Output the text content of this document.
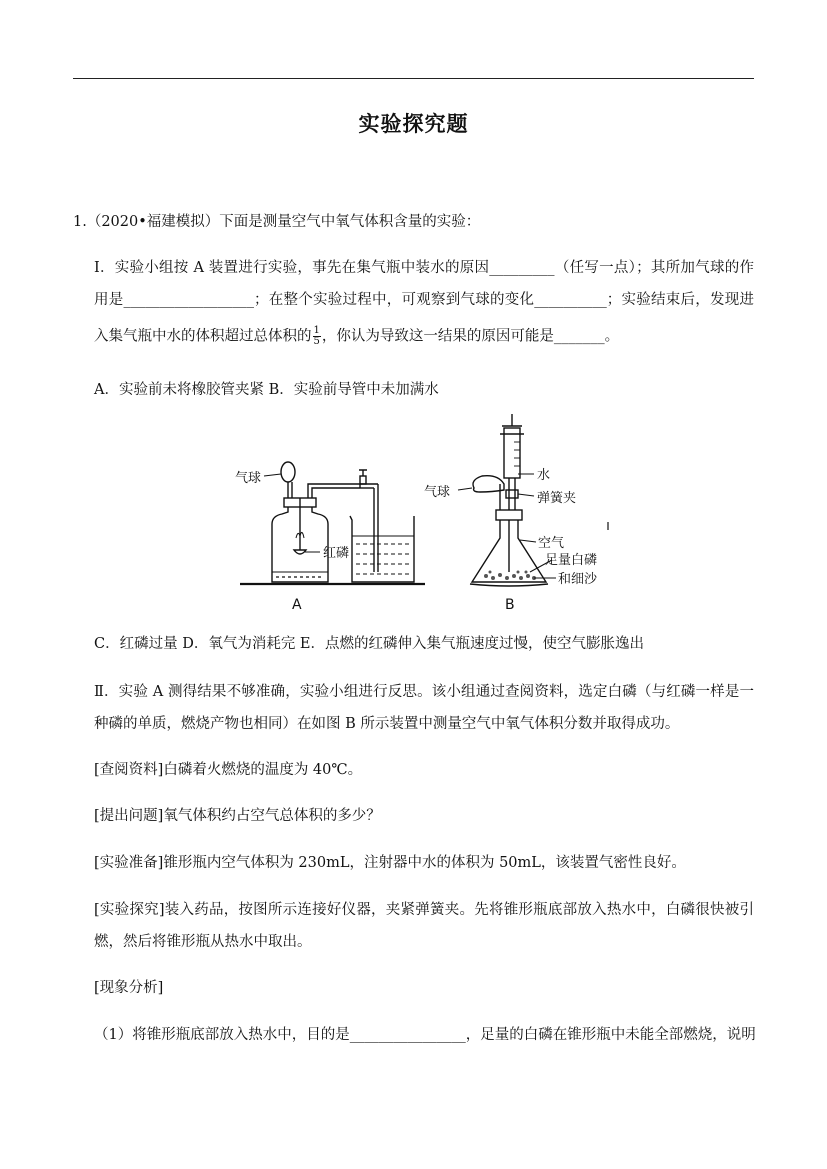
实验探究题
1.（2020•福建模拟）下面是测量空气中氧气体积含量的实验：
Ⅰ．实验小组按 A 装置进行实验，事先在集气瓶中装水的原因_________（任写一点）；其所加气球的作
用是__________________；在整个实验过程中，可观察到气球的变化__________；实验结束后，发现进
入集气瓶中水的体积超过总体积的 $\frac{1}{5}$ ，你认为导致这一结果的原因可能是_______。
A．实验前未将橡胶管夹紧 B．实验前导管中未加满水
气球
红磷
A
水
气球	弹簧夹
空气
足量白磷
和细沙
B
C．红磷过量 D．氧气为消耗完 E．点燃的红磷伸入集气瓶速度过慢，使空气膨胀逸出
Ⅱ．实验 A 测得结果不够准确，实验小组进行反思。该小组通过查阅资料，选定白磷（与红磷一样是一
种磷的单质，燃烧产物也相同）在如图 B 所示装置中测量空气中氧气体积分数并取得成功。
[查阅资料]白磷着火燃烧的温度为 40℃。
[提出问题]氧气体积约占空气总体积的多少？
[实验准备]锥形瓶内空气体积为 230mL，注射器中水的体积为 50mL，该装置气密性良好。
[实验探究]装入药品，按图所示连接好仪器，夹紧弹簧夹。先将锥形瓶底部放入热水中，白磷很快被引
燃，然后将锥形瓶从热水中取出。
[现象分析]
（1）将锥形瓶底部放入热水中，目的是________________，足量的白磷在锥形瓶中未能全部燃烧，说明
